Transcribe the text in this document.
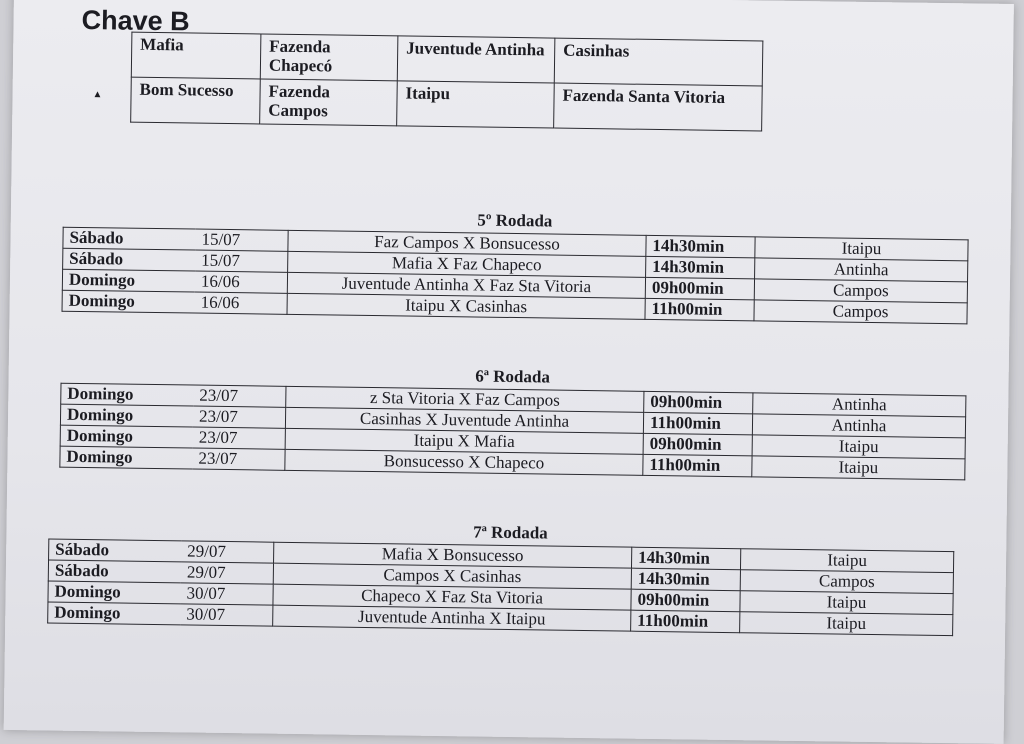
Chave B
▲
Mafia	Fazenda Chapecó	Juventude Antinha	Casinhas
Bom Sucesso	Fazenda Campos	Itaipu	Fazenda Santa Vitoria
5º Rodada
Sábado	15/07	Faz Campos X Bonsucesso	14h30min	Itaipu
Sábado	15/07	Mafia X Faz Chapeco	14h30min	Antinha
Domingo	16/06	Juventude Antinha X Faz Sta Vitoria	09h00min	Campos
Domingo	16/06	Itaipu X Casinhas	11h00min	Campos
6ª Rodada
Domingo	23/07	z Sta Vitoria X Faz Campos	09h00min	Antinha
Domingo	23/07	Casinhas X Juventude Antinha	11h00min	Antinha
Domingo	23/07	Itaipu X Mafia	09h00min	Itaipu
Domingo	23/07	Bonsucesso X Chapeco	11h00min	Itaipu
7ª Rodada
Sábado	29/07	Mafia X Bonsucesso	14h30min	Itaipu
Sábado	29/07	Campos X Casinhas	14h30min	Campos
Domingo	30/07	Chapeco X Faz Sta Vitoria	09h00min	Itaipu
Domingo	30/07	Juventude Antinha X Itaipu	11h00min	Itaipu
